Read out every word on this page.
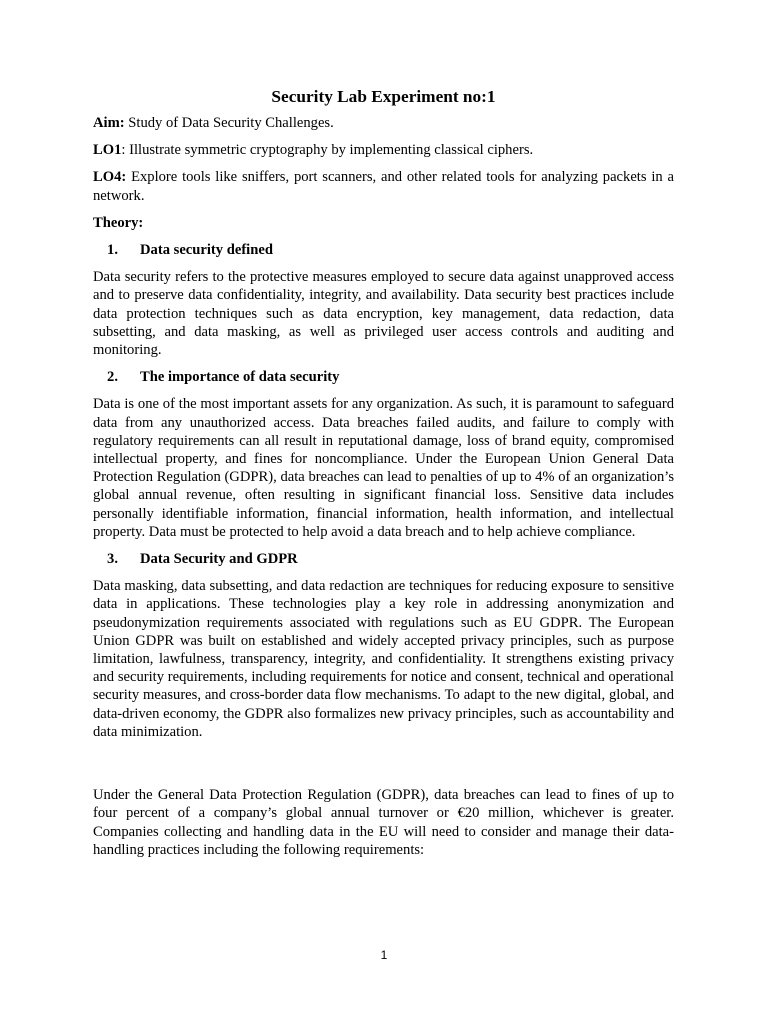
Security Lab Experiment no:1
Aim: Study of Data Security Challenges.
LO1: Illustrate symmetric cryptography by implementing classical ciphers.
LO4: Explore tools like sniffers, port scanners, and other related tools for analyzing packets in a network.
Theory:
1. Data security defined
Data security refers to the protective measures employed to secure data against unapproved access and to preserve data confidentiality, integrity, and availability. Data security best practices include data protection techniques such as data encryption, key management, data redaction, data subsetting, and data masking, as well as privileged user access controls and auditing and monitoring.
2. The importance of data security
Data is one of the most important assets for any organization. As such, it is paramount to safeguard data from any unauthorized access. Data breaches failed audits, and failure to comply with regulatory requirements can all result in reputational damage, loss of brand equity, compromised intellectual property, and fines for noncompliance. Under the European Union General Data Protection Regulation (GDPR), data breaches can lead to penalties of up to 4% of an organization’s global annual revenue, often resulting in significant financial loss. Sensitive data includes personally identifiable information, financial information, health information, and intellectual property. Data must be protected to help avoid a data breach and to help achieve compliance.
3. Data Security and GDPR
Data masking, data subsetting, and data redaction are techniques for reducing exposure to sensitive data in applications. These technologies play a key role in addressing anonymization and pseudonymization requirements associated with regulations such as EU GDPR. The European Union GDPR was built on established and widely accepted privacy principles, such as purpose limitation, lawfulness, transparency, integrity, and confidentiality. It strengthens existing privacy and security requirements, including requirements for notice and consent, technical and operational security measures, and cross-border data flow mechanisms. To adapt to the new digital, global, and data-driven economy, the GDPR also formalizes new privacy principles, such as accountability and data minimization.
Under the General Data Protection Regulation (GDPR), data breaches can lead to fines of up to four percent of a company’s global annual turnover or €20 million, whichever is greater. Companies collecting and handling data in the EU will need to consider and manage their data-handling practices including the following requirements:
1
